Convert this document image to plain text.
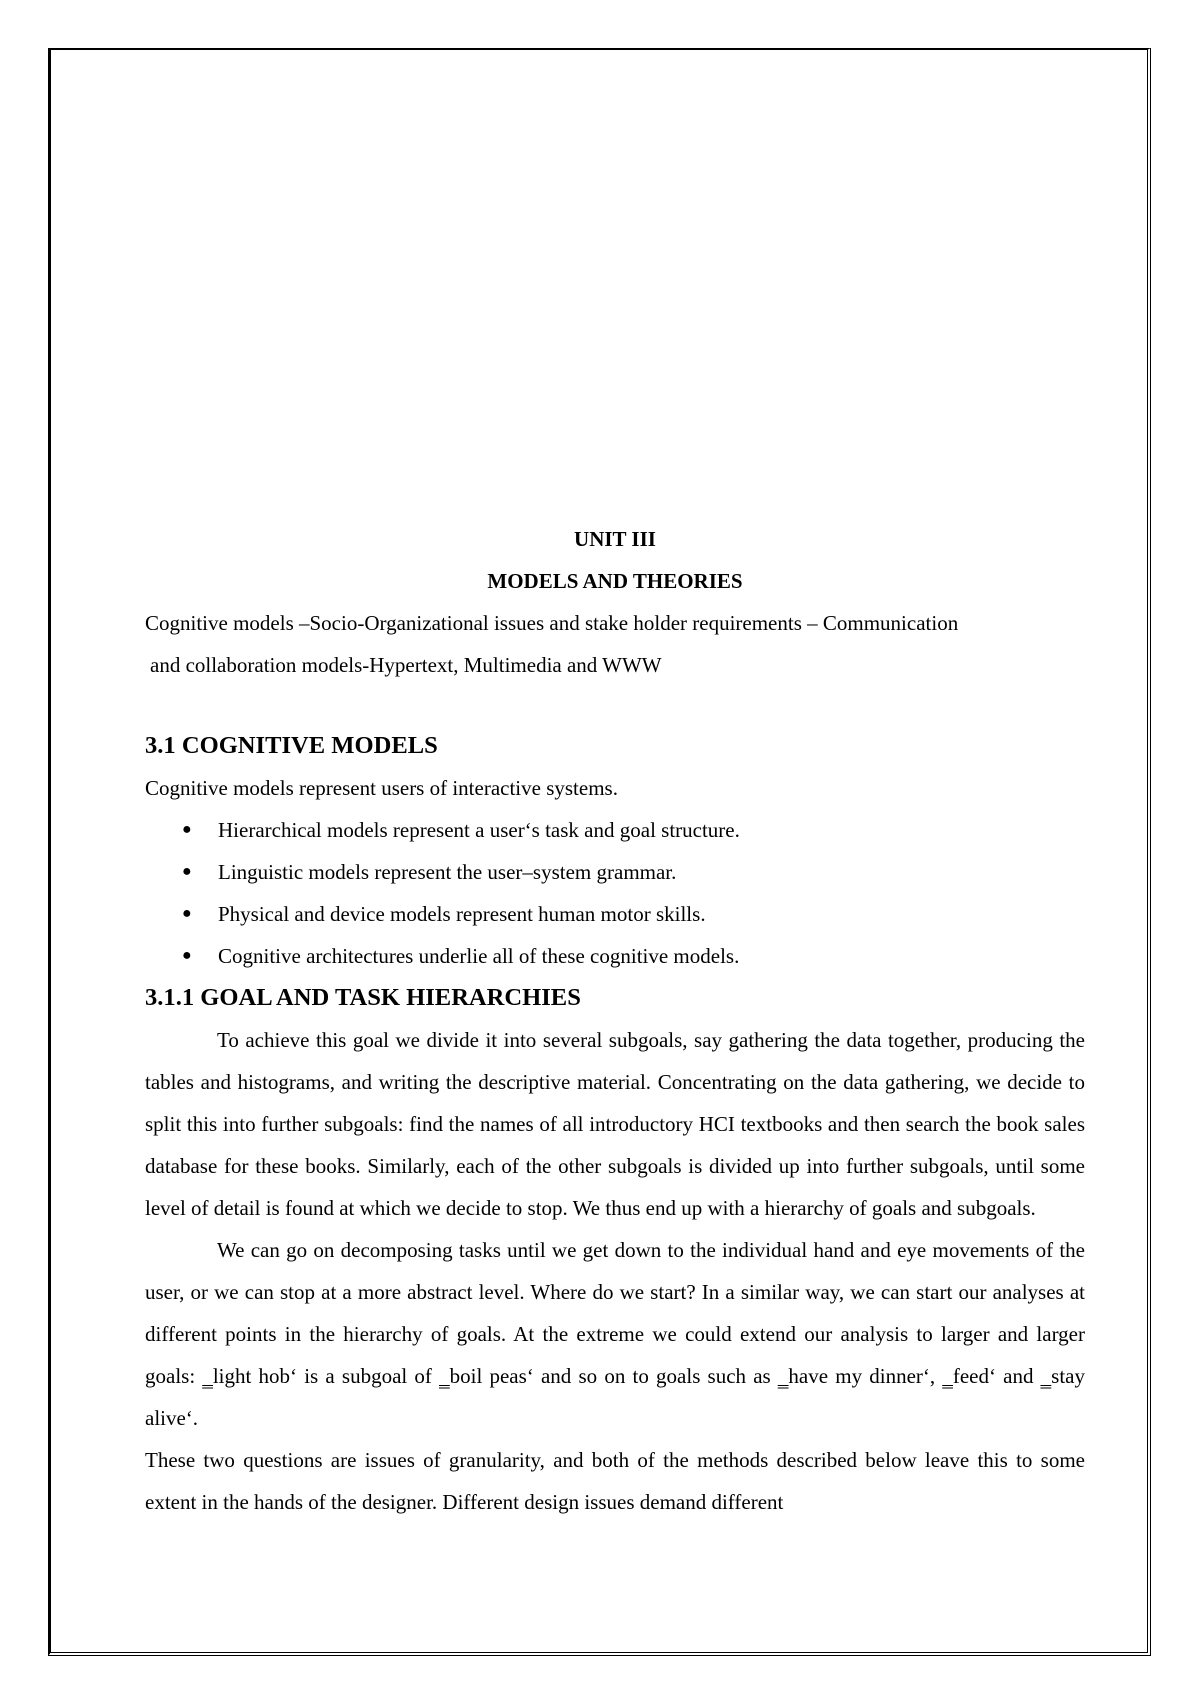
UNIT III
MODELS AND THEORIES

Cognitive models –Socio-Organizational issues and stake holder requirements – Communication

and collaboration models-Hypertext, Multimedia and WWW

3.1 COGNITIVE MODELS

Cognitive models represent users of interactive systems.

● Hierarchical models represent a user‘s task and goal structure.
● Linguistic models represent the user–system grammar.
● Physical and device models represent human motor skills.
● Cognitive architectures underlie all of these cognitive models.
3.1.1 GOAL AND TASK HIERARCHIES

To achieve this goal we divide it into several subgoals, say gathering the data together, producing the tables and histograms, and writing the descriptive material. Concentrating on the data gathering, we decide to split this into further subgoals: find the names of all introductory HCI textbooks and then search the book sales database for these books. Similarly, each of the other subgoals is divided up into further subgoals, until some level of detail is found at which we decide to stop. We thus end up with a hierarchy of goals and subgoals.

We can go on decomposing tasks until we get down to the individual hand and eye movements of the user, or we can stop at a more abstract level. Where do we start? In a similar way, we can start our analyses at different points in the hierarchy of goals. At the extreme we could extend our analysis to larger and larger goals: ‗light hob‘ is a subgoal of ‗boil peas‘ and so on to goals such as ‗have my dinner‘, ‗feed‘ and ‗stay alive‘.

These two questions are issues of granularity, and both of the methods described below leave this to some extent in the hands of the designer. Different design issues demand different
